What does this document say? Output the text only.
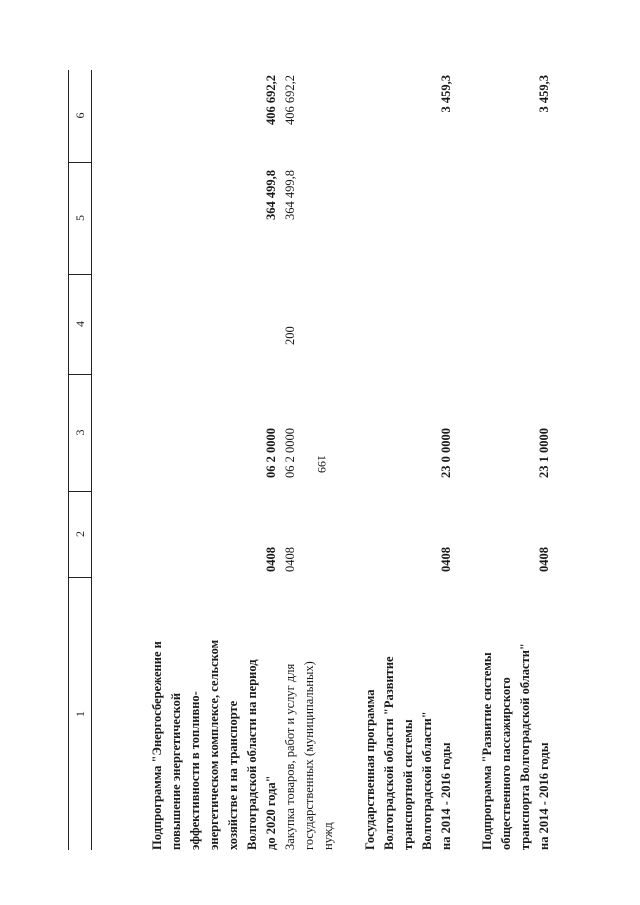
199
1
2
3
4
5
6
Подпрограмма "Энергосбережение и
повышение энергетической
эффективности в топливно-
энергетическом комплексе, сельском
хозяйстве и на транспорте
Волгоградской области на период
до 2020 года"
0408
06 2 0000
364 499,8
406 692,2
Закупка товаров, работ и услуг для
государственных (муниципальных)
нужд
0408
06 2 0000
200
364 499,8
406 692,2
Государственная программа
Волгоградской области "Развитие
транспортной системы
Волгоградской области"
на 2014 - 2016 годы
0408
23 0 0000
3 459,3
Подпрограмма "Развитие системы
общественного пассажирского
транспорта Волгоградской области"
на 2014 - 2016 годы
0408
23 1 0000
3 459,3
